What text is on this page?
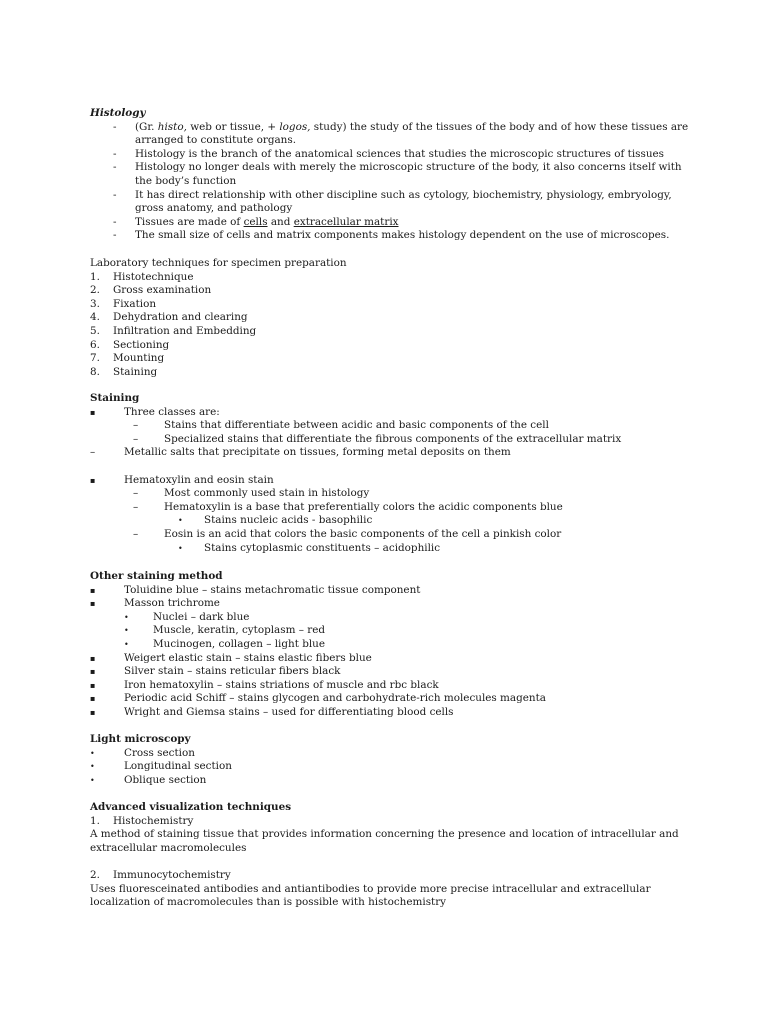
Histology
- (Gr. histo, web or tissue, + logos, study) the study of the tissues of the body and of how these tissues are arranged to constitute organs.
- Histology is the branch of the anatomical sciences that studies the microscopic structures of tissues
- Histology no longer deals with merely the microscopic structure of the body, it also concerns itself with the body’s function
- It has direct relationship with other discipline such as cytology, biochemistry, physiology, embryology, gross anatomy, and pathology
- Tissues are made of cells and extracellular matrix
- The small size of cells and matrix components makes histology dependent on the use of microscopes.
Laboratory techniques for specimen preparation
1. Histotechnique
2. Gross examination
3. Fixation
4. Dehydration and clearing
5. Infiltration and Embedding
6. Sectioning
7. Mounting
8. Staining
Staining
▪	Three classes are:
– Stains that differentiate between acidic and basic components of the cell
– Specialized stains that differentiate the fibrous components of the extracellular matrix
–	Metallic salts that precipitate on tissues, forming metal deposits on them
▪	Hematoxylin and eosin stain
– Most commonly used stain in histology
– Hematoxylin is a base that preferentially colors the acidic components blue
• Stains nucleic acids - basophilic
– Eosin is an acid that colors the basic components of the cell a pinkish color
• Stains cytoplasmic constituents – acidophilic
Other staining method
▪	Toluidine blue – stains metachromatic tissue component
▪	Masson trichrome
• Nuclei – dark blue
• Muscle, keratin, cytoplasm – red
• Mucinogen, collagen – light blue
▪	Weigert elastic stain – stains elastic fibers blue
▪	Silver stain – stains reticular fibers black
▪	Iron hematoxylin – stains striations of muscle and rbc black
▪	Periodic acid Schiff – stains glycogen and carbohydrate-rich molecules magenta
▪	Wright and Giemsa stains – used for differentiating blood cells
Light microscopy
•	Cross section
•	Longitudinal section
•	Oblique section
Advanced visualization techniques
1. Histochemistry
A method of staining tissue that provides information concerning the presence and location of intracellular and extracellular macromolecules
2. Immunocytochemistry
Uses fluoresceinated antibodies and antiantibodies to provide more precise intracellular and extracellular localization of macromolecules than is possible with histochemistry
